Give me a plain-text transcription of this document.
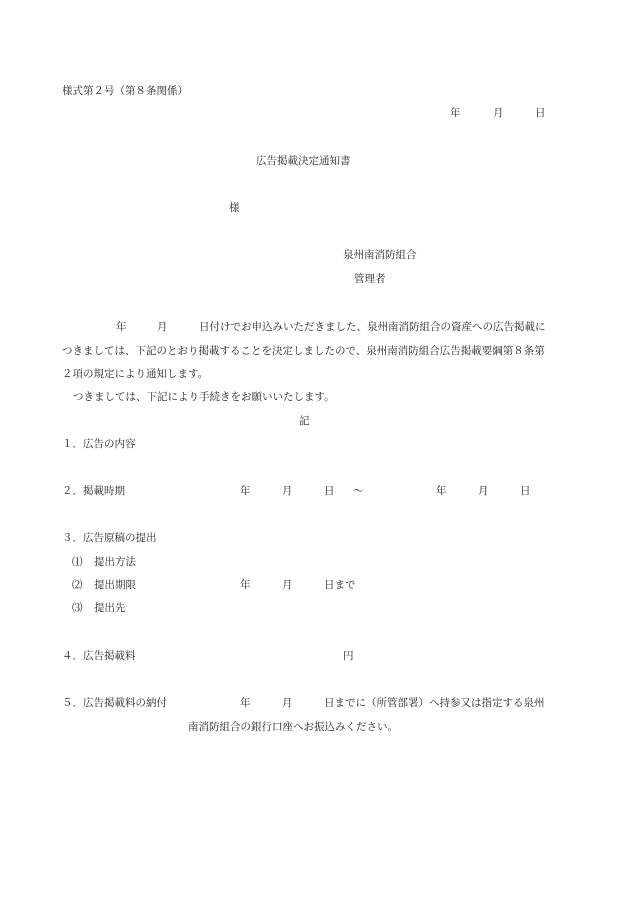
様式第２号（第８条関係）
年	月	日
広告掲載決定通知書
様
泉州南消防組合
管理者
年	月	日付けでお申込みいただきました、泉州南消防組合の資産への広告掲載に
つきましては、下記のとおり掲載することを決定しましたので、泉州南消防組合広告掲載要綱第８条第
２項の規定により通知します。
つきましては、下記により手続きをお願いいたします。
記
１．広告の内容
２．掲載時期	年	月	日 ～	年	月	日
３．広告原稿の提出
⑴ 提出方法
⑵ 提出期限	年	月	日まで
⑶ 提出先
４．広告掲載料	円
５．広告掲載料の納付	年	月	日までに（所管部署）へ持参又は指定する泉州
南消防組合の銀行口座へお振込みください。
